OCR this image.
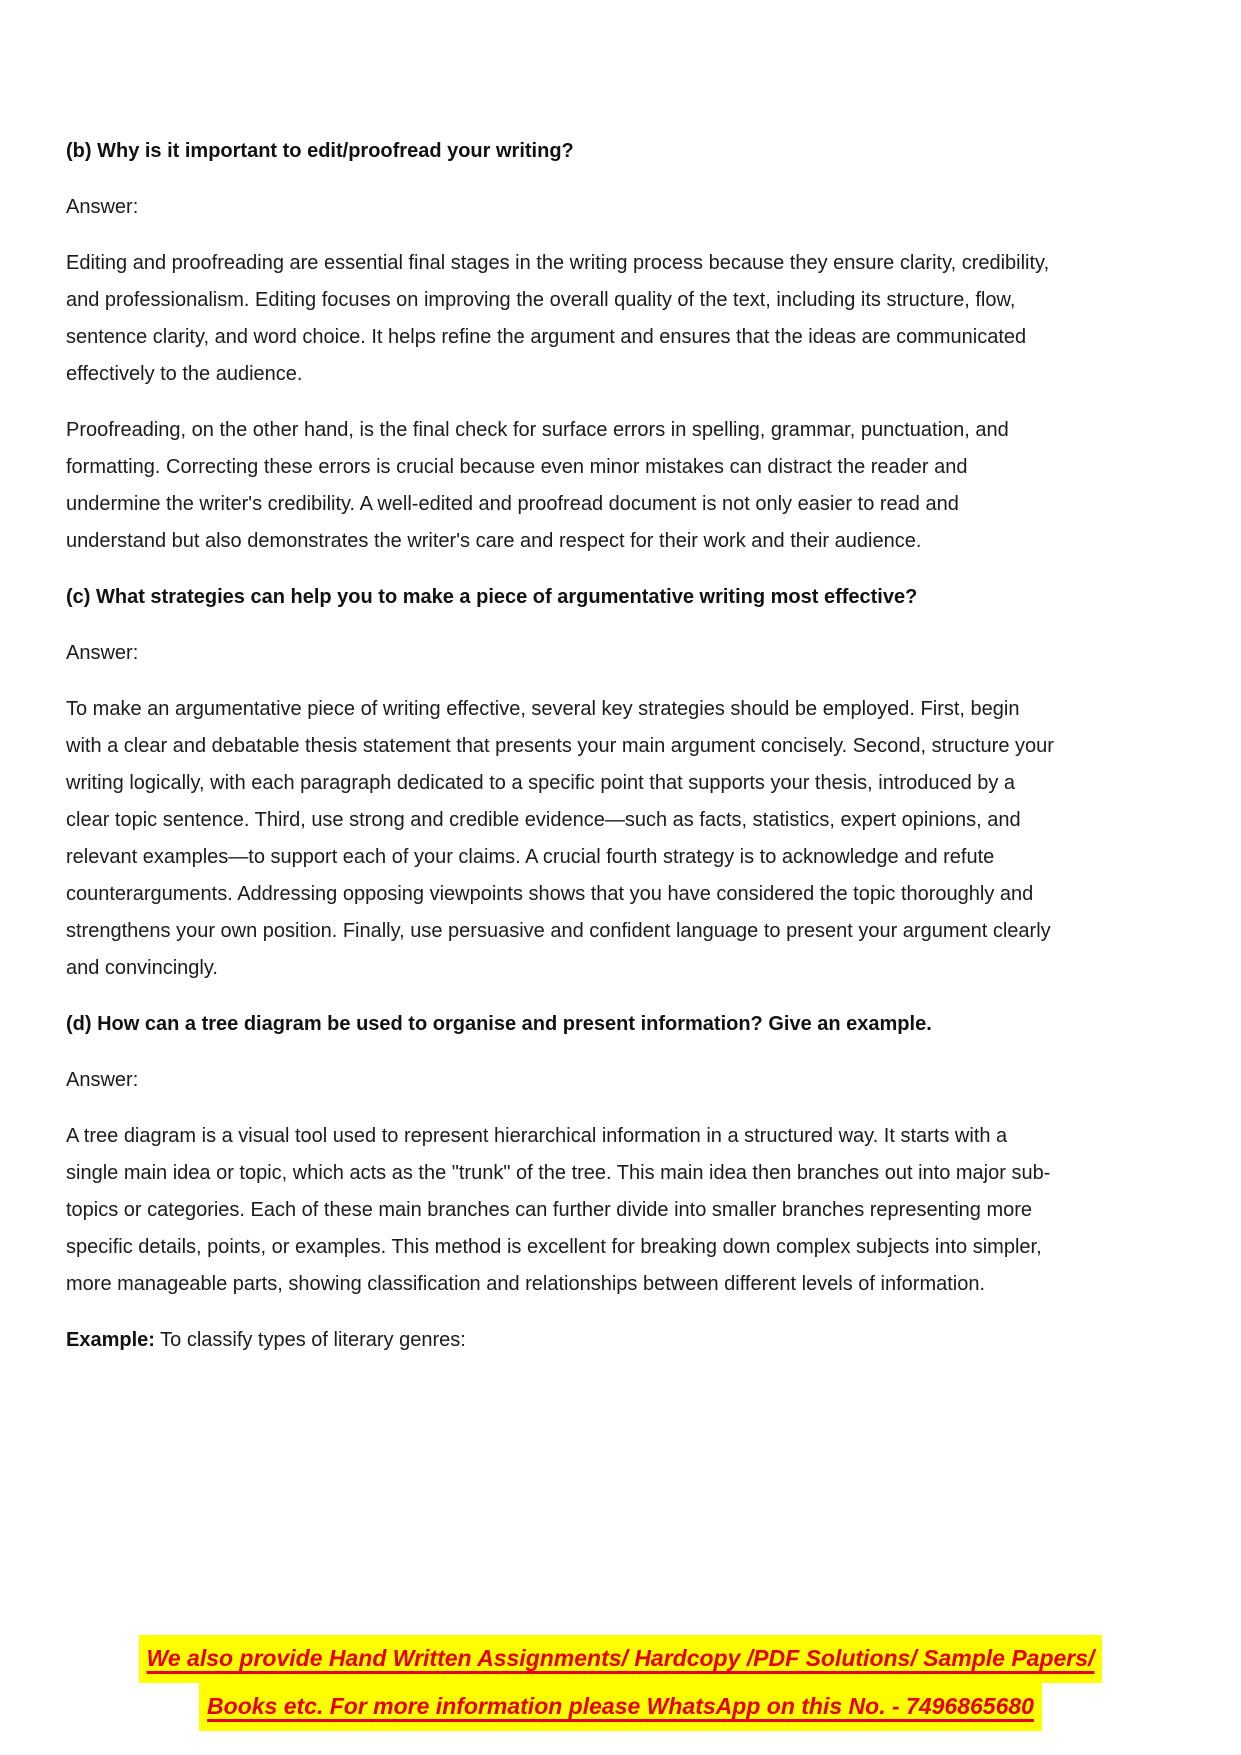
(b) Why is it important to edit/proofread your writing?

Answer:

Editing and proofreading are essential final stages in the writing process because they ensure clarity, credibility, and professionalism. Editing focuses on improving the overall quality of the text, including its structure, flow, sentence clarity, and word choice. It helps refine the argument and ensures that the ideas are communicated effectively to the audience.

Proofreading, on the other hand, is the final check for surface errors in spelling, grammar, punctuation, and formatting. Correcting these errors is crucial because even minor mistakes can distract the reader and undermine the writer's credibility. A well-edited and proofread document is not only easier to read and understand but also demonstrates the writer's care and respect for their work and their audience.

(c) What strategies can help you to make a piece of argumentative writing most effective?

Answer:

To make an argumentative piece of writing effective, several key strategies should be employed. First, begin with a clear and debatable thesis statement that presents your main argument concisely. Second, structure your writing logically, with each paragraph dedicated to a specific point that supports your thesis, introduced by a clear topic sentence. Third, use strong and credible evidence—such as facts, statistics, expert opinions, and relevant examples—to support each of your claims. A crucial fourth strategy is to acknowledge and refute counterarguments. Addressing opposing viewpoints shows that you have considered the topic thoroughly and strengthens your own position. Finally, use persuasive and confident language to present your argument clearly and convincingly.

(d) How can a tree diagram be used to organise and present information? Give an example.

Answer:

A tree diagram is a visual tool used to represent hierarchical information in a structured way. It starts with a single main idea or topic, which acts as the "trunk" of the tree. This main idea then branches out into major sub-topics or categories. Each of these main branches can further divide into smaller branches representing more specific details, points, or examples. This method is excellent for breaking down complex subjects into simpler, more manageable parts, showing classification and relationships between different levels of information.

Example: To classify types of literary genres:

We also provide Hand Written Assignments/ Hardcopy /PDF Solutions/ Sample Papers/
Books etc. For more information please WhatsApp on this No. - 7496865680
